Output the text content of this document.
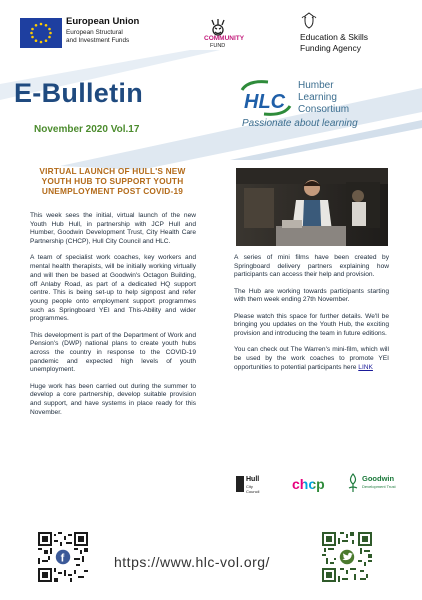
European Union
European Structural
and Investment Funds	COMMUNITY
FUND
Education & Skills
Funding Agency
E-Bulletin
November 2020 Vol.17
HLC
Humber
Learning
Consortium
Passionate about learning
VIRTUAL LAUNCH OF HULL'S NEW YOUTH HUB TO SUPPORT YOUTH UNEMPLOYMENT POST COVID-19

This week sees the initial, virtual launch of the new Youth Hub Hull, in partnership with JCP Hull and Humber, Goodwin Development Trust, City Health Care Partnership (CHCP), Hull City Council and HLC.

A team of specialist work coaches, key workers and mental health therapists, will be initially working virtually and will then be based at Goodwin's Octagon Building, off Anlaby Road, as part of a dedicated HQ support centre. This is being set-up to help signpost and refer young people onto employment support programmes such as Springboard YEI and This-Ability and wider programmes.

This development is part of the Department of Work and Pension's (DWP) national plans to create youth hubs across the country in response to the COVID-19 pandemic and expected high levels of youth unemployment.

Huge work has been carried out during the summer to develop a core partnership, develop suitable provision and support, and have systems in place ready for this November.

A series of mini films have been created by Springboard delivery partners explaining how participants can access their help and provision.

The Hub are working towards participants starting with them week ending 27th November.

Please watch this space for further details. We'll be bringing you updates on the Youth Hub, the exciting provision and introducing the team in future editions.

You can check out The Warren's mini-film, which will be used by the work coaches to promote YEI opportunities to potential participants here LINK

Hull
City Council	chcp	Goodwin
Development Trust
f	https://www.hlc-vol.org/
